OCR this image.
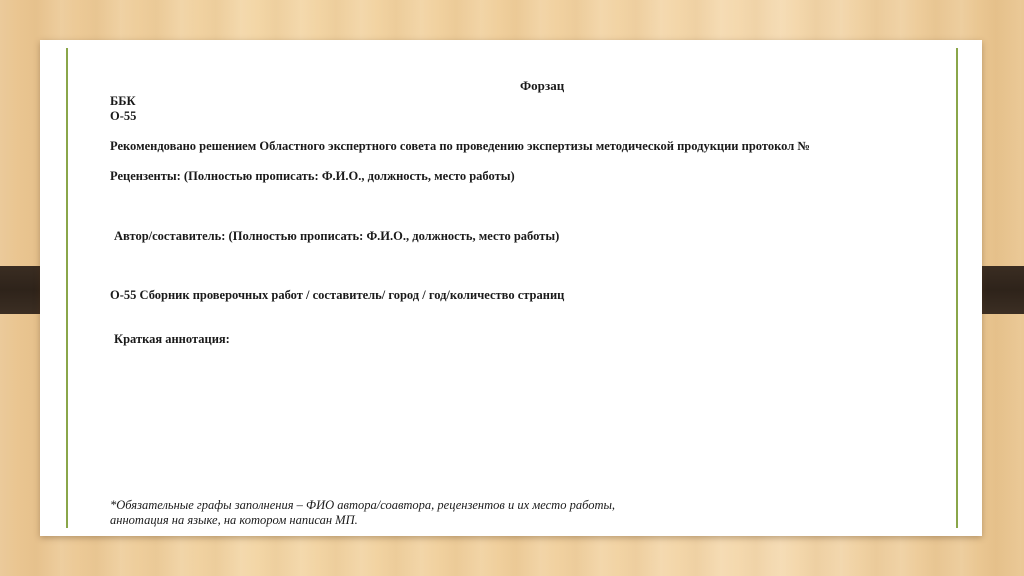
Форзац
ББК
О-55
Рекомендовано решением Областного экспертного совета по проведению экспертизы методической продукции протокол №
Рецензенты: (Полностью прописать: Ф.И.О., должность, место работы)
Автор/составитель: (Полностью прописать: Ф.И.О., должность, место работы)
О-55 Сборник проверочных работ / составитель/ город / год/количество страниц
Краткая аннотация:
*Обязательные графы заполнения – ФИО автора/соавтора, рецензентов и их место работы,
аннотация на языке, на котором написан МП.
